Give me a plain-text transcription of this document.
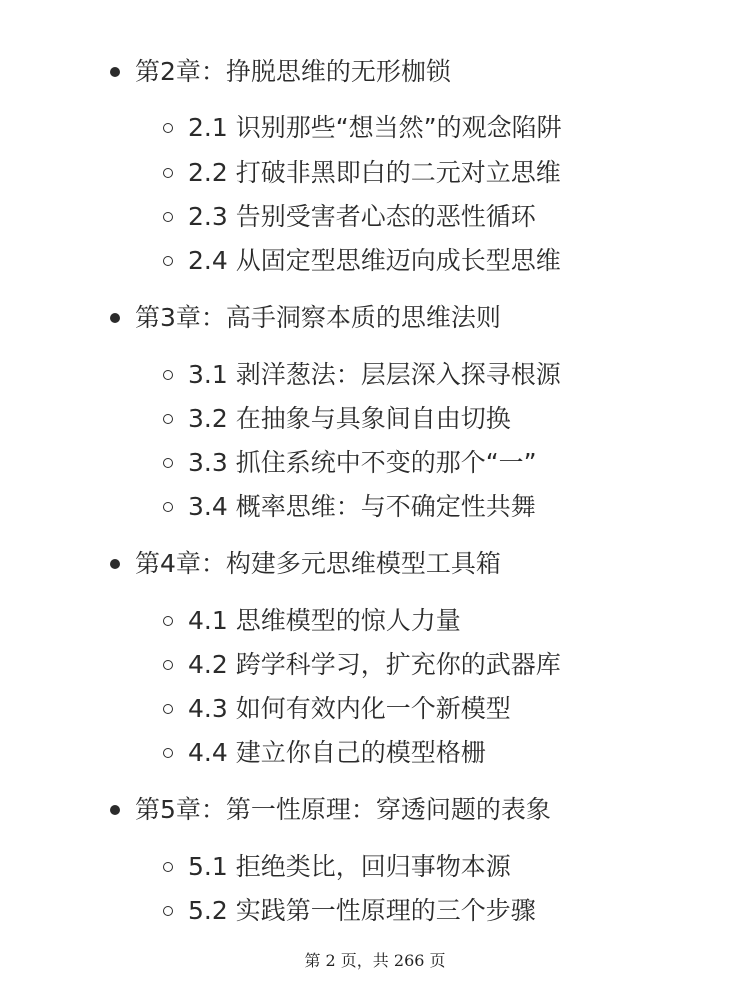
• 第2章：挣脱思维的无形枷锁
• 2.1 识别那些“想当然”的观念陷阱
• 2.2 打破非黑即白的二元对立思维
• 2.3 告别受害者心态的恶性循环
• 2.4 从固定型思维迈向成长型思维
• 第3章：高手洞察本质的思维法则
• 3.1 剥洋葱法：层层深入探寻根源
• 3.2 在抽象与具象间自由切换
• 3.3 抓住系统中不变的那个“一”
• 3.4 概率思维：与不确定性共舞
• 第4章：构建多元思维模型工具箱
• 4.1 思维模型的惊人力量
• 4.2 跨学科学习，扩充你的武器库
• 4.3 如何有效内化一个新模型
• 4.4 建立你自己的模型格栅
• 第5章：第一性原理：穿透问题的表象
• 5.1 拒绝类比，回归事物本源
• 5.2 实践第一性原理的三个步骤
第 2 页，共 266 页
